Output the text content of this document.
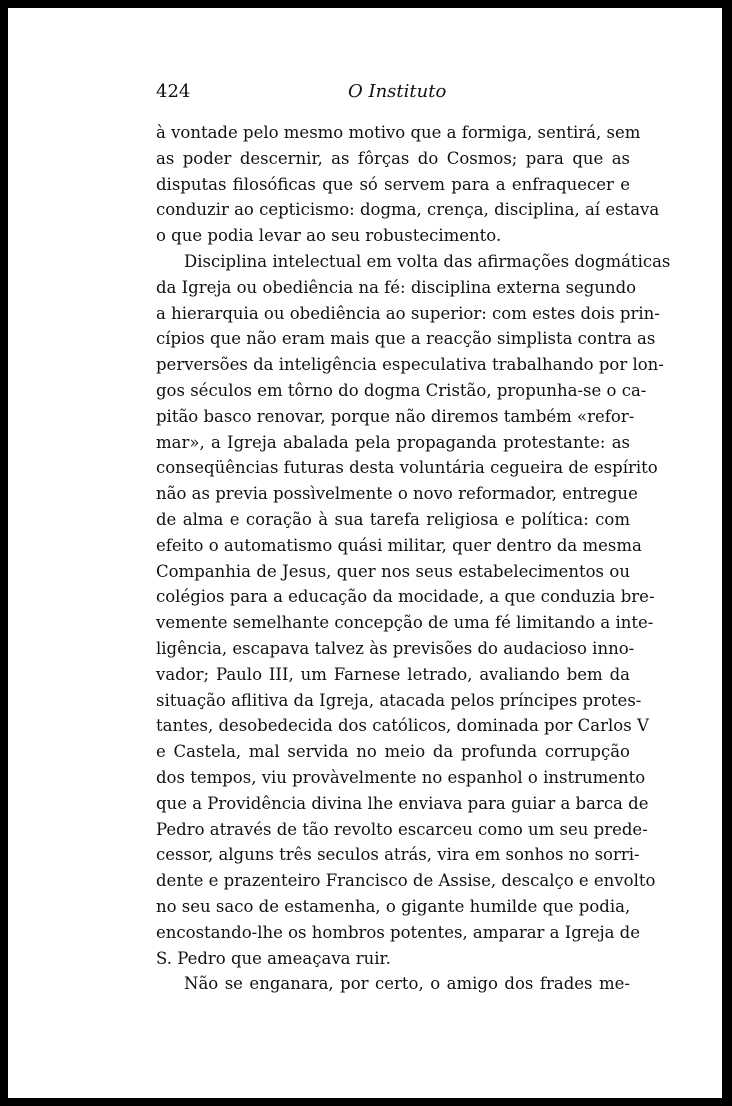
424	O Instituto
à vontade pelo mesmo motivo que a formiga, sentirá, sem
as poder descernir, as fôrças do Cosmos; para que as
disputas filosóficas que só servem para a enfraquecer e
conduzir ao cepticismo: dogma, crença, disciplina, aí estava
o que podia levar ao seu robustecimento.
Disciplina intelectual em volta das afirmações dogmáticas
da Igreja ou obediência na fé: disciplina externa segundo
a hierarquia ou obediência ao superior: com estes dois prin-
cípios que não eram mais que a reacção simplista contra as
perversões da inteligência especulativa trabalhando por lon-
gos séculos em tôrno do dogma Cristão, propunha-se o ca-
pitão basco renovar, porque não diremos também «refor-
mar», a Igreja abalada pela propaganda protestante: as
conseqüências futuras desta voluntária cegueira de espírito
não as previa possìvelmente o novo reformador, entregue
de alma e coração à sua tarefa religiosa e política: com
efeito o automatismo quási militar, quer dentro da mesma
Companhia de Jesus, quer nos seus estabelecimentos ou
colégios para a educação da mocidade, a que conduzia bre-
vemente semelhante concepção de uma fé limitando a inte-
ligência, escapava talvez às previsões do audacioso inno-
vador; Paulo III, um Farnese letrado, avaliando bem da
situação aflitiva da Igreja, atacada pelos príncipes protes-
tantes, desobedecida dos católicos, dominada por Carlos V
e Castela, mal servida no meio da profunda corrupção
dos tempos, viu provàvelmente no espanhol o instrumento
que a Providência divina lhe enviava para guiar a barca de
Pedro através de tão revolto escarceu como um seu prede-
cessor, alguns três seculos atrás, vira em sonhos no sorri-
dente e prazenteiro Francisco de Assise, descalço e envolto
no seu saco de estamenha, o gigante humilde que podia,
encostando-lhe os hombros potentes, amparar a Igreja de
S. Pedro que ameaçava ruir.
Não se enganara, por certo, o amigo dos frades me-
